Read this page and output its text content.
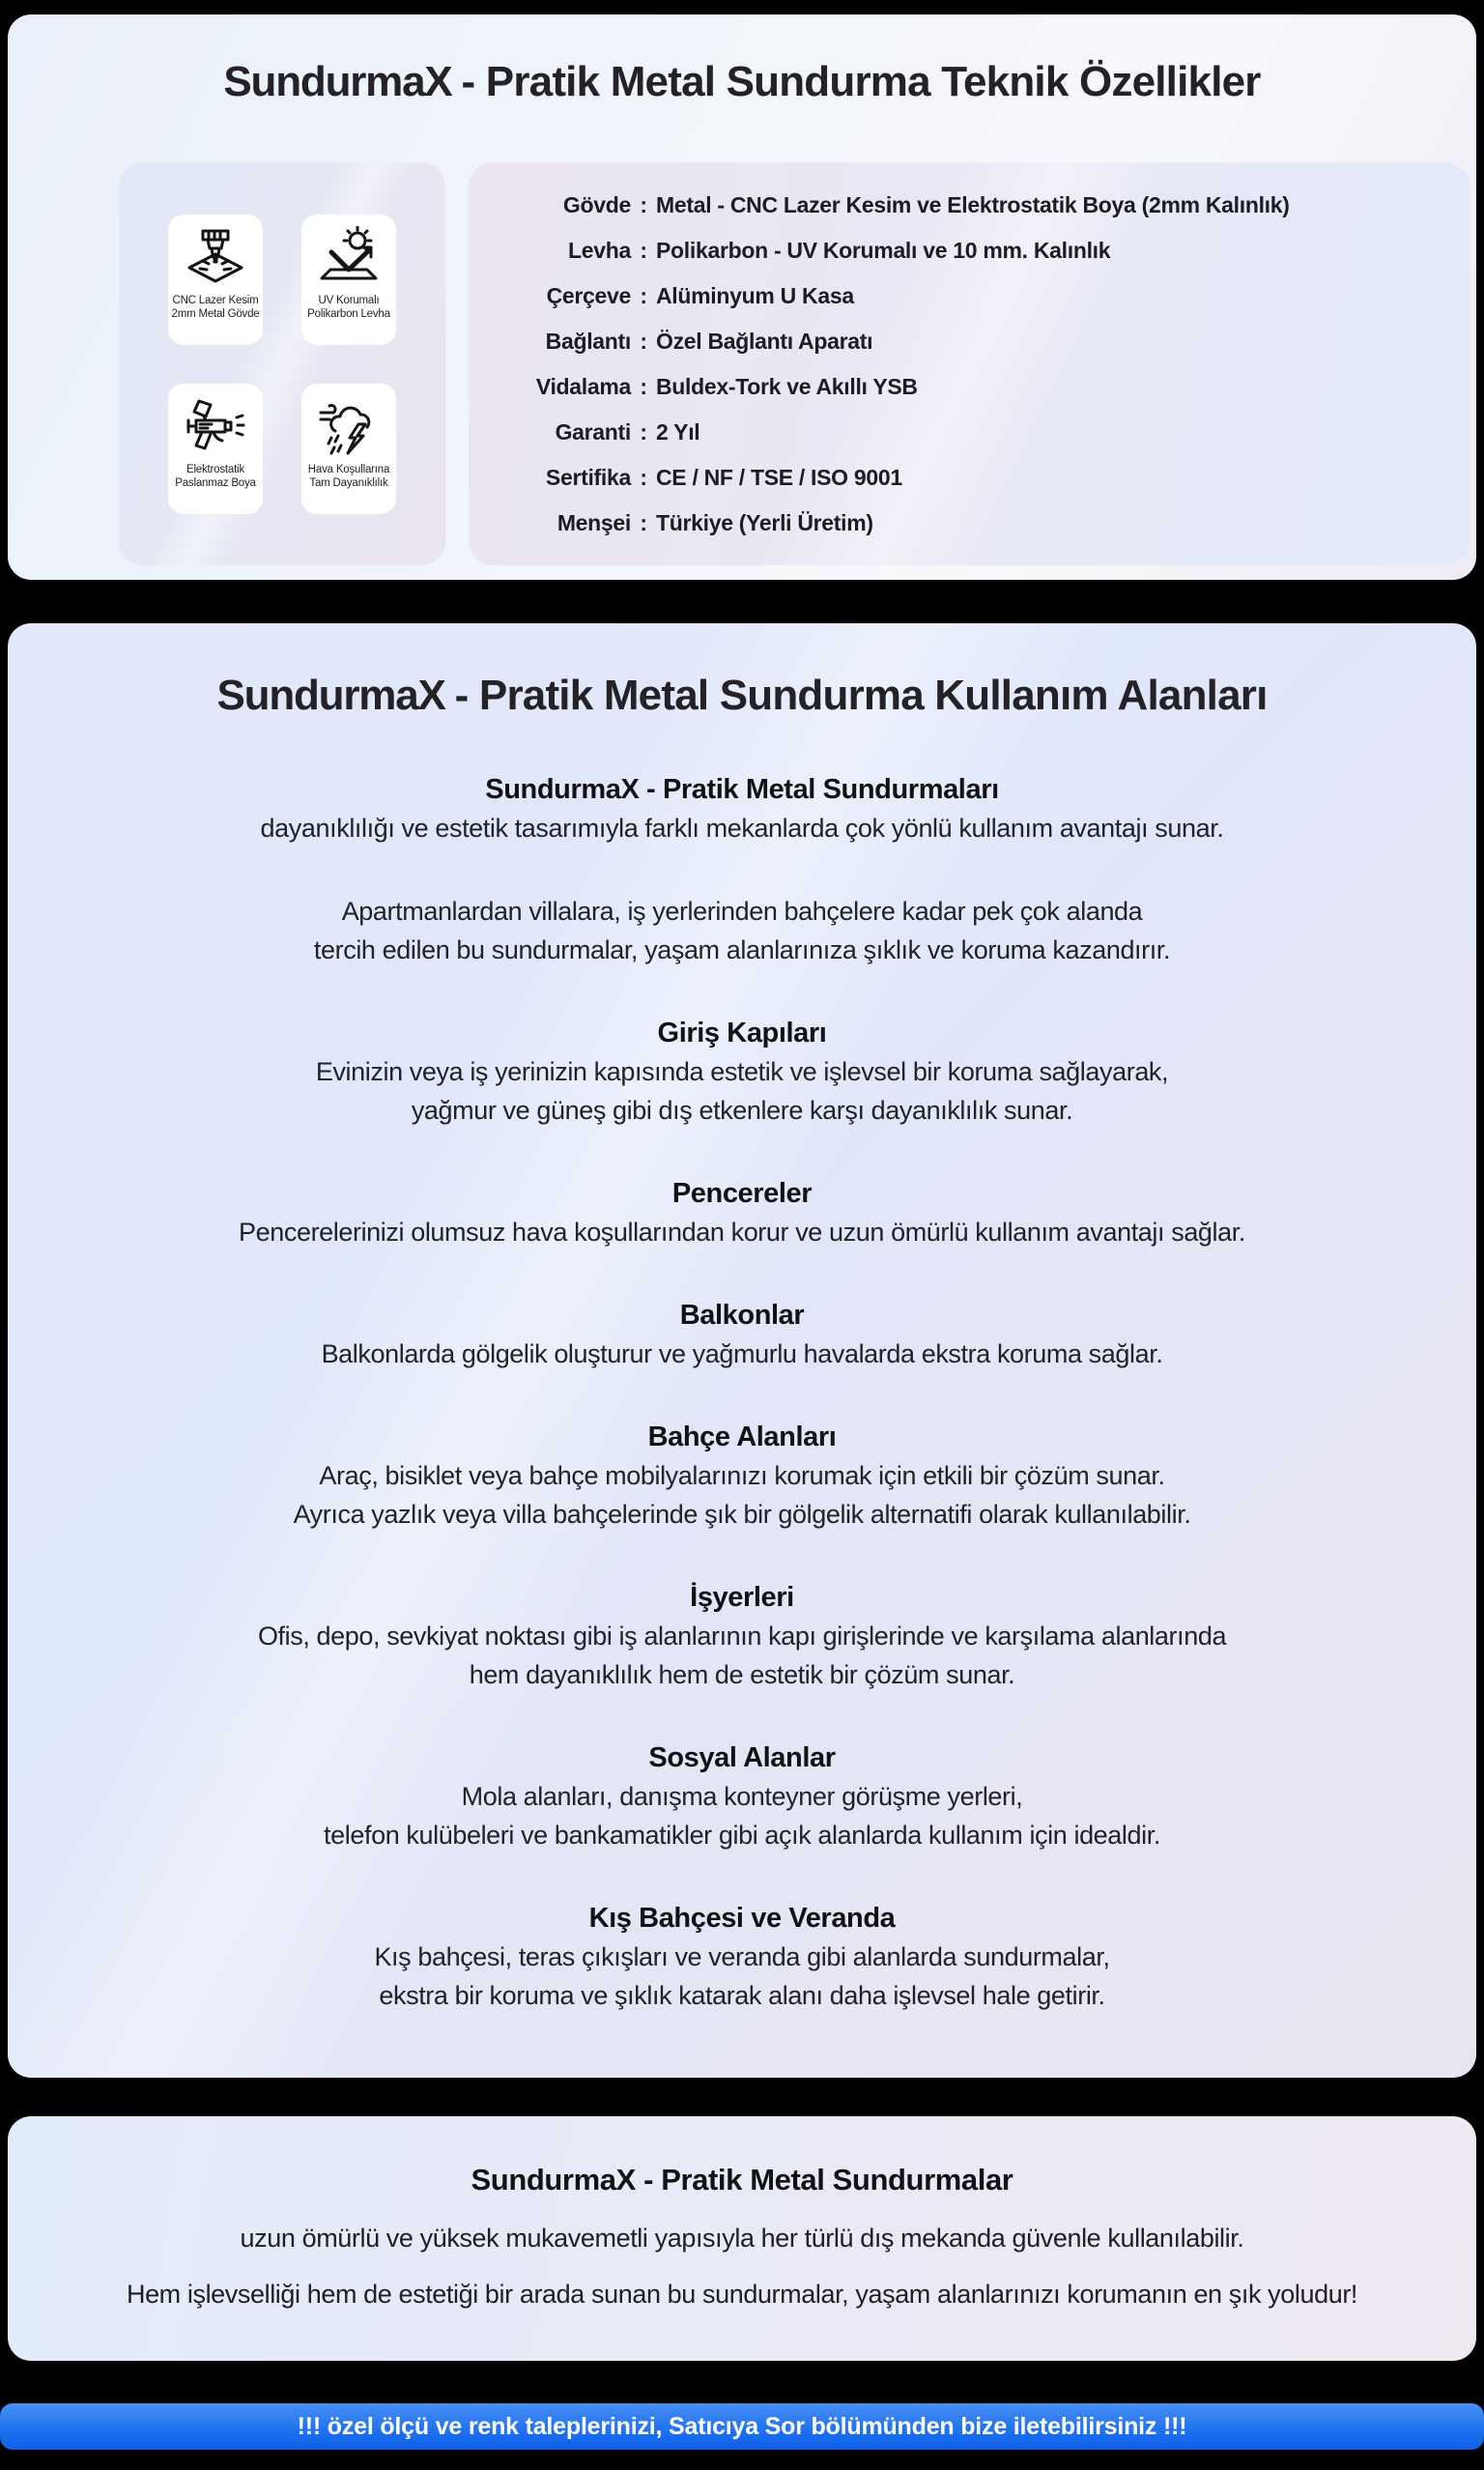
SundurmaX - Pratik Metal Sundurma Teknik Özellikler
CNC Lazer Kesim
2mm Metal Gövde
UV Korumalı
Polikarbon Levha
Elektrostatik
Paslanmaz Boya
Hava Koşullarına
Tam Dayanıklılık
Gövde : Metal - CNC Lazer Kesim ve Elektrostatik Boya (2mm Kalınlık)
Levha : Polikarbon - UV Korumalı ve 10 mm. Kalınlık
Çerçeve : Alüminyum U Kasa
Bağlantı : Özel Bağlantı Aparatı
Vidalama : Buldex-Tork ve Akıllı YSB
Garanti : 2 Yıl
Sertifika : CE / NF / TSE / ISO 9001
Menşei : Türkiye (Yerli Üretim)
SundurmaX - Pratik Metal Sundurma Kullanım Alanları
SundurmaX - Pratik Metal Sundurmaları
dayanıklılığı ve estetik tasarımıyla farklı mekanlarda çok yönlü kullanım avantajı sunar.
Apartmanlardan villalara, iş yerlerinden bahçelere kadar pek çok alanda
tercih edilen bu sundurmalar, yaşam alanlarınıza şıklık ve koruma kazandırır.
Giriş Kapıları
Evinizin veya iş yerinizin kapısında estetik ve işlevsel bir koruma sağlayarak,
yağmur ve güneş gibi dış etkenlere karşı dayanıklılık sunar.
Pencereler
Pencerelerinizi olumsuz hava koşullarından korur ve uzun ömürlü kullanım avantajı sağlar.
Balkonlar
Balkonlarda gölgelik oluşturur ve yağmurlu havalarda ekstra koruma sağlar.
Bahçe Alanları
Araç, bisiklet veya bahçe mobilyalarınızı korumak için etkili bir çözüm sunar.
Ayrıca yazlık veya villa bahçelerinde şık bir gölgelik alternatifi olarak kullanılabilir.
İşyerleri
Ofis, depo, sevkiyat noktası gibi iş alanlarının kapı girişlerinde ve karşılama alanlarında
hem dayanıklılık hem de estetik bir çözüm sunar.
Sosyal Alanlar
Mola alanları, danışma konteyner görüşme yerleri,
telefon kulübeleri ve bankamatikler gibi açık alanlarda kullanım için idealdir.
Kış Bahçesi ve Veranda
Kış bahçesi, teras çıkışları ve veranda gibi alanlarda sundurmalar,
ekstra bir koruma ve şıklık katarak alanı daha işlevsel hale getirir.
SundurmaX - Pratik Metal Sundurmalar
uzun ömürlü ve yüksek mukavemetli yapısıyla her türlü dış mekanda güvenle kullanılabilir.
Hem işlevselliği hem de estetiği bir arada sunan bu sundurmalar, yaşam alanlarınızı korumanın en şık yoludur!
!!! özel ölçü ve renk taleplerinizi, Satıcıya Sor bölümünden bize iletebilirsiniz !!!
